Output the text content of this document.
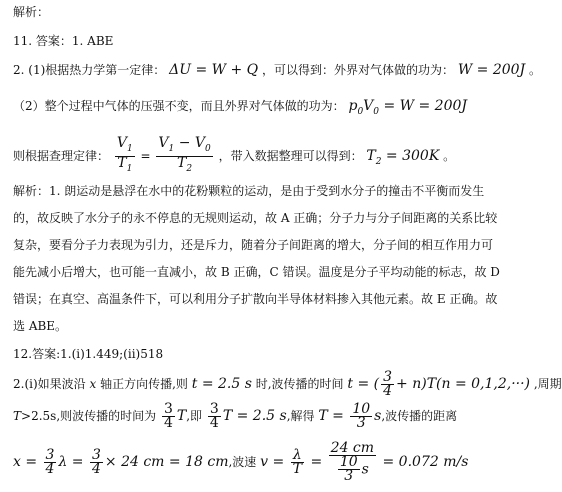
解析：
11. 答案：1. ABE
2. (1)根据热力学第一定律： ΔU = W + Q ，可以得到：外界对气体做的功为： W = 200J 。
（2）整个过程中气体的压强不变，而且外界对气体做的功为： $p_0V_0 = W = 200J$
则根据查理定律： $\frac{V_1}{T_1} = \frac{V_1 - V_0}{T_2}$ ，带入数据整理可以得到： $T_2 = 300K$ 。
解析：1. 朗运动是悬浮在水中的花粉颗粒的运动，是由于受到水分子的撞击不平衡而发生
的，故反映了水分子的永不停息的无规则运动，故 A 正确；分子力与分子间距离的关系比较
复杂，要看分子力表现为引力，还是斥力，随着分子间距离的增大，分子间的相互作用力可
能先减小后增大，也可能一直减小，故 B 正确，C 错误。温度是分子平均动能的标志，故 D
错误；在真空、高温条件下，可以利用分子扩散向半导体材料掺入其他元素。故 E 正确。故
选 ABE。
12.答案:1.(i)1.449;(ii)518
2.(i)如果波沿 x 轴正方向传播,则 t = 2.5 s 时,波传播的时间 t = ( $\frac{3}{4} + n)T(n = 0,1,2,\cdot\cdot\cdot)$ ,周期
T>2.5s,则波传播的时间为 $\frac{3}{4} T$,即 $\frac{3}{4}$ T = 2.5 s,解得 $T = \frac{10}{3} s$,波传播的距离
$x = \frac{3}{4}$ $\lambda = \frac{3}{4} \times 24$ cm = 18 cm,波速 $v = \frac{\lambda}{T} = \frac{24 cm}{\frac{10}{3} s} = 0.072$ m/s
